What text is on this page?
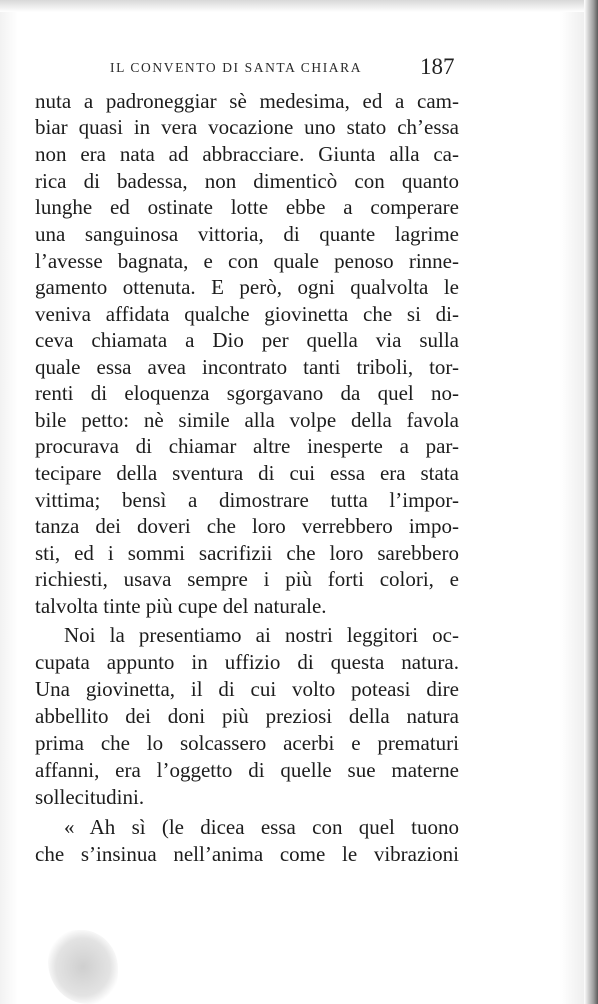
IL CONVENTO DI SANTA CHIARA	187
nuta a padroneggiar sè medesima, ed a cam-
biar quasi in vera vocazione uno stato ch’essa
non era nata ad abbracciare. Giunta alla ca-
rica di badessa, non dimenticò con quanto
lunghe ed ostinate lotte ebbe a comperare
una sanguinosa vittoria, di quante lagrime
l’avesse bagnata, e con quale penoso rinne-
gamento ottenuta. E però, ogni qualvolta le
veniva affidata qualche giovinetta che si di-
ceva chiamata a Dio per quella via sulla
quale essa avea incontrato tanti triboli, tor-
renti di eloquenza sgorgavano da quel no-
bile petto: nè simile alla volpe della favola
procurava di chiamar altre inesperte a par-
tecipare della sventura di cui essa era stata
vittima; bensì a dimostrare tutta l’impor-
tanza dei doveri che loro verrebbero impo-
sti, ed i sommi sacrifizii che loro sarebbero
richiesti, usava sempre i più forti colori, e
talvolta tinte più cupe del naturale.
Noi la presentiamo ai nostri leggitori oc-
cupata appunto in uffizio di questa natura.
Una giovinetta, il di cui volto poteasi dire
abbellito dei doni più preziosi della natura
prima che lo solcassero acerbi e prematuri
affanni, era l’oggetto di quelle sue materne
sollecitudini.
« Ah sì (le dicea essa con quel tuono
che s’insinua nell’anima come le vibrazioni
